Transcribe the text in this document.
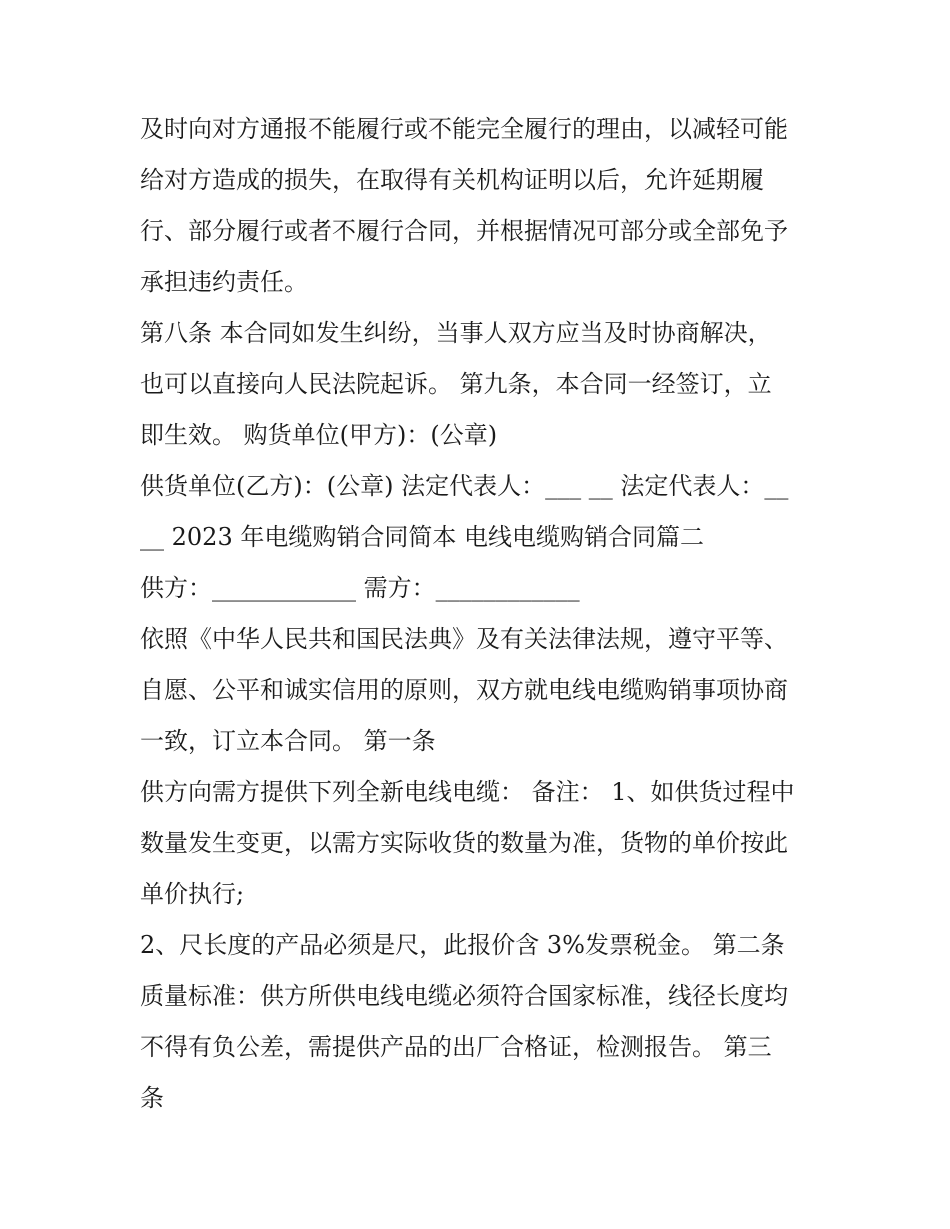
及时向对方通报不能履行或不能完全履行的理由，以减轻可能
给对方造成的损失，在取得有关机构证明以后，允许延期履
行、部分履行或者不履行合同，并根据情况可部分或全部免予
承担违约责任。
第八条 本合同如发生纠纷，当事人双方应当及时协商解决，
也可以直接向人民法院起诉。 第九条，本合同一经签订，立
即生效。 购货单位(甲方)：(公章)
供货单位(乙方)：(公章) 法定代表人：___ __ 法定代表人：__
__ 2023 年电缆购销合同简本 电线电缆购销合同篇二
供方：____________ 需方：____________
依照《中华人民共和国民法典》及有关法律法规，遵守平等、
自愿、公平和诚实信用的原则，双方就电线电缆购销事项协商
一致，订立本合同。 第一条
供方向需方提供下列全新电线电缆： 备注： 1、如供货过程中
数量发生变更，以需方实际收货的数量为准，货物的单价按此
单价执行;
2、尺长度的产品必须是尺，此报价含 3%发票税金。 第二条
质量标准：供方所供电线电缆必须符合国家标准，线径长度均
不得有负公差，需提供产品的出厂合格证，检测报告。 第三
条
